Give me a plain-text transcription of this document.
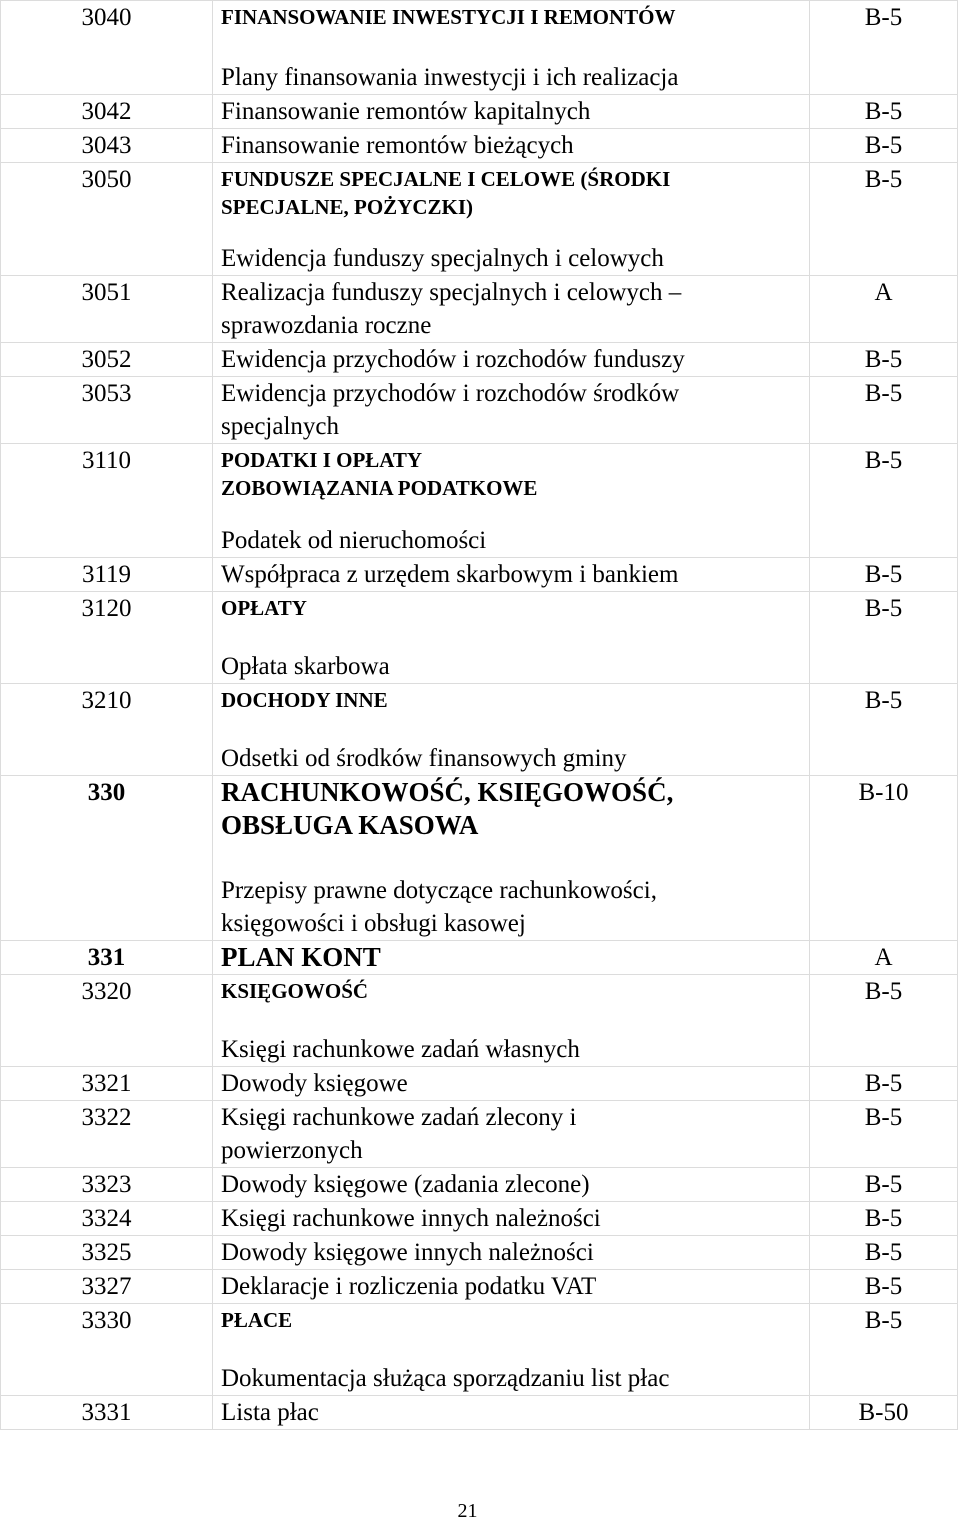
3040	FINANSOWANIE INWESTYCJI I REMONTÓW
Plany finansowania inwestycji i ich realizacja	B-5
3042	Finansowanie remontów kapitalnych	B-5
3043	Finansowanie remontów bieżących	B-5
3050	FUNDUSZE SPECJALNE I CELOWE (ŚRODKI
SPECJALNE, POŻYCZKI)
Ewidencja funduszy specjalnych i celowych	B-5
3051	Realizacja funduszy specjalnych i celowych –
sprawozdania roczne	A
3052	Ewidencja przychodów i rozchodów funduszy	B-5
3053	Ewidencja przychodów i rozchodów środków
specjalnych	B-5
3110	PODATKI I OPŁATY
ZOBOWIĄZANIA PODATKOWE
Podatek od nieruchomości	B-5
3119	Współpraca z urzędem skarbowym i bankiem	B-5
3120	OPŁATY
Opłata skarbowa	B-5
3210	DOCHODY INNE
Odsetki od środków finansowych gminy	B-5
330	RACHUNKOWOŚĆ, KSIĘGOWOŚĆ,
OBSŁUGA KASOWA
Przepisy prawne dotyczące rachunkowości,
księgowości i obsługi kasowej	B-10
331	PLAN KONT	A
3320	KSIĘGOWOŚĆ
Księgi rachunkowe zadań własnych	B-5
3321	Dowody księgowe	B-5
3322	Księgi rachunkowe zadań zlecony i
powierzonych	B-5
3323	Dowody księgowe (zadania zlecone)	B-5
3324	Księgi rachunkowe innych należności	B-5
3325	Dowody księgowe innych należności	B-5
3327	Deklaracje i rozliczenia podatku VAT	B-5
3330	PŁACE
Dokumentacja służąca sporządzaniu list płac	B-5
3331	Lista płac	B-50
21
